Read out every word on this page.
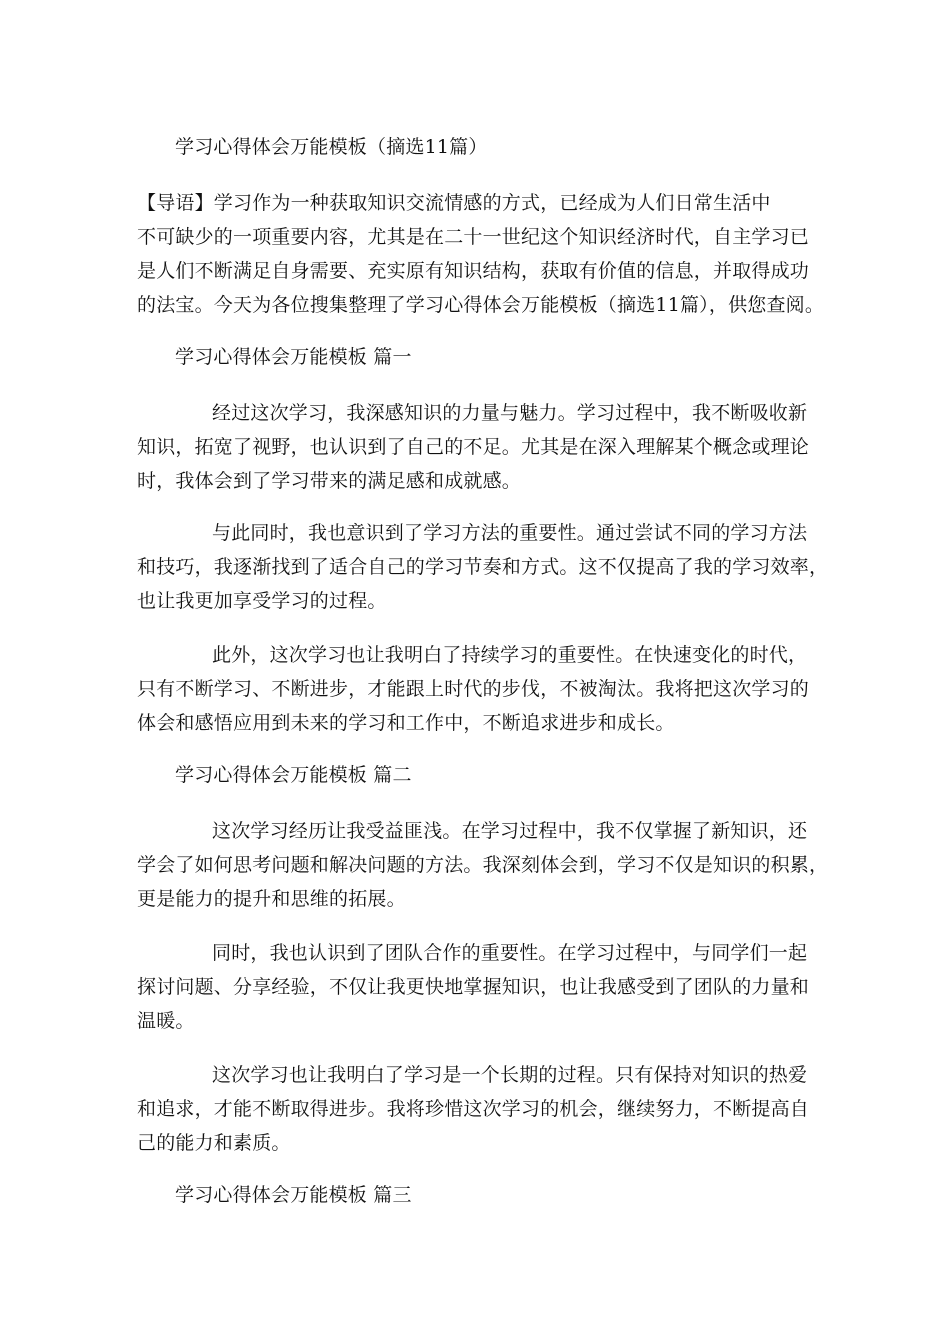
学习心得体会万能模板（摘选11篇）
【导语】学习作为一种获取知识交流情感的方式，已经成为人们日常生活中
不可缺少的一项重要内容，尤其是在二十一世纪这个知识经济时代，自主学习已
是人们不断满足自身需要、充实原有知识结构，获取有价值的信息，并取得成功
的法宝。今天为各位搜集整理了学习心得体会万能模板（摘选11篇），供您查阅。
学习心得体会万能模板 篇一
经过这次学习，我深感知识的力量与魅力。学习过程中，我不断吸收新
知识，拓宽了视野，也认识到了自己的不足。尤其是在深入理解某个概念或理论
时，我体会到了学习带来的满足感和成就感。
与此同时，我也意识到了学习方法的重要性。通过尝试不同的学习方法
和技巧，我逐渐找到了适合自己的学习节奏和方式。这不仅提高了我的学习效率，
也让我更加享受学习的过程。
此外，这次学习也让我明白了持续学习的重要性。在快速变化的时代，
只有不断学习、不断进步，才能跟上时代的步伐，不被淘汰。我将把这次学习的
体会和感悟应用到未来的学习和工作中，不断追求进步和成长。
学习心得体会万能模板 篇二
这次学习经历让我受益匪浅。在学习过程中，我不仅掌握了新知识，还
学会了如何思考问题和解决问题的方法。我深刻体会到，学习不仅是知识的积累，
更是能力的提升和思维的拓展。
同时，我也认识到了团队合作的重要性。在学习过程中，与同学们一起
探讨问题、分享经验，不仅让我更快地掌握知识，也让我感受到了团队的力量和
温暖。
这次学习也让我明白了学习是一个长期的过程。只有保持对知识的热爱
和追求，才能不断取得进步。我将珍惜这次学习的机会，继续努力，不断提高自
己的能力和素质。
学习心得体会万能模板 篇三
